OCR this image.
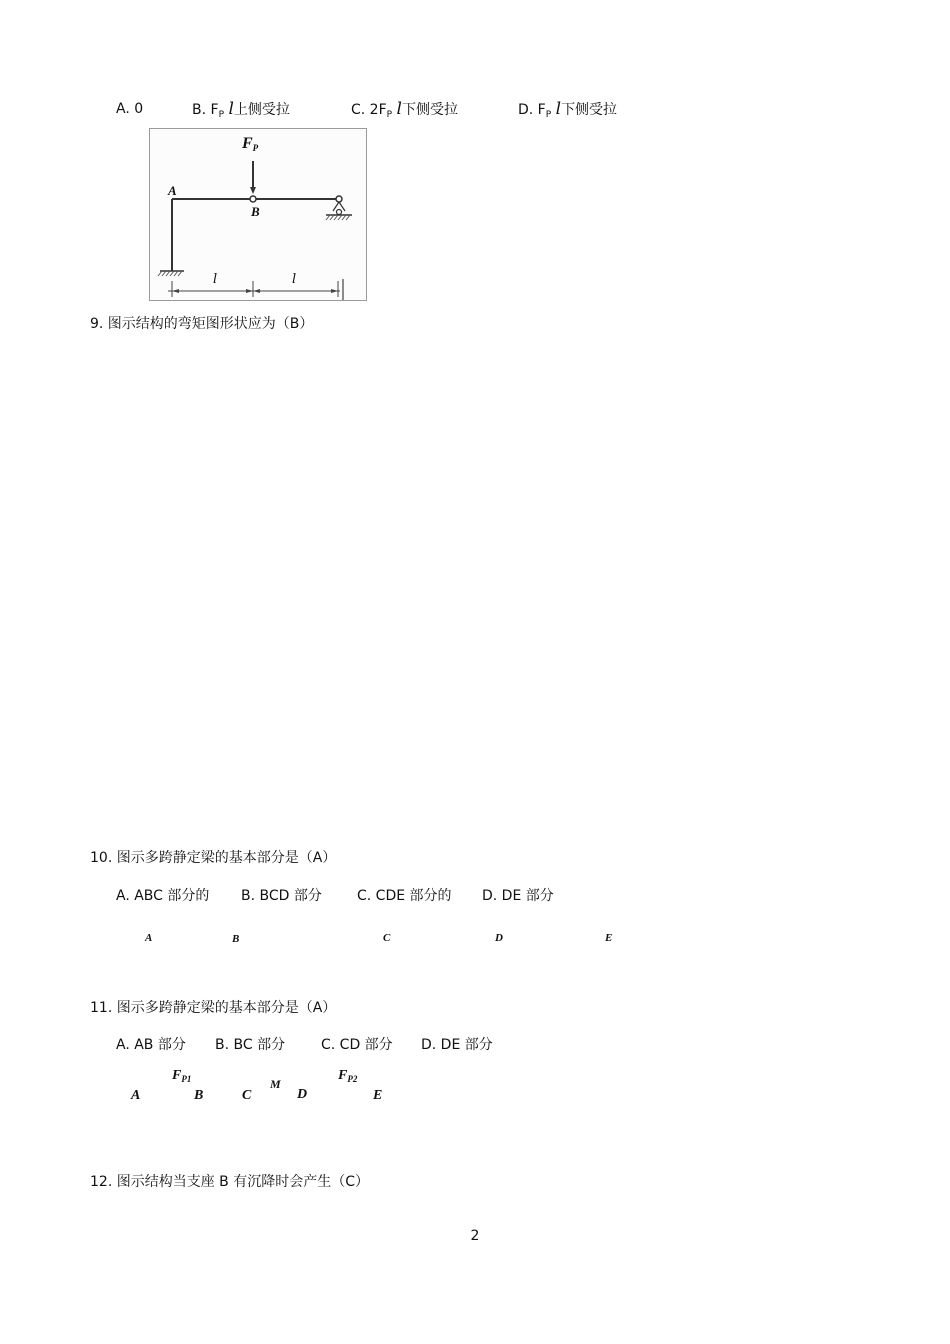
A. 0	B. $F_P$ l上侧受拉	C. $2F_P$ l下侧受拉	D. $F_P$ l下侧受拉
FP
A
B
l	l
9. 图示结构的弯矩图形状应为（B）
10. 图示多跨静定梁的基本部分是（A）
A. ABC 部分的 B. BCD 部分	C. CDE 部分的 D. DE 部分
A	B	C	D	E
11. 图示多跨静定梁的基本部分是（A）
A. AB 部分 B. BC 部分	C. CD 部分 D. DE 部分
$F_{P1}$	$F_{P2}$
M
A	B	C	D	E
12. 图示结构当支座 B 有沉降时会产生（C）
2
